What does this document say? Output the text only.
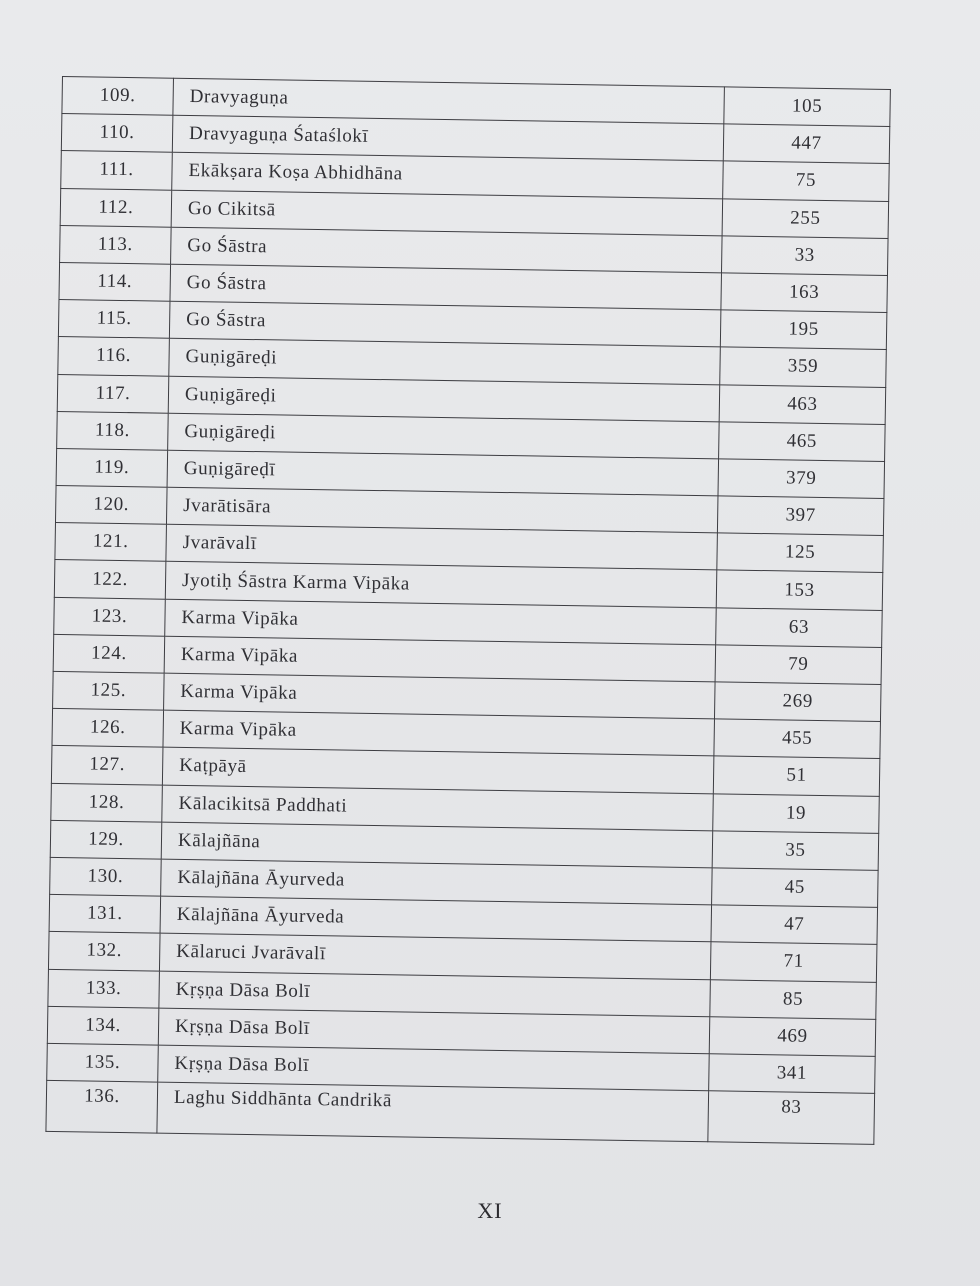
109.	Dravyaguṇa	105
110.	Dravyaguṇa Śataślokī	447
111.	Ekākṣara Koṣa Abhidhāna	75
112.	Go Cikitsā	255
113.	Go Śāstra	33
114.	Go Śāstra	163
115.	Go Śāstra	195
116.	Guṇigāreḍi	359
117.	Guṇigāreḍi	463
118.	Guṇigāreḍi	465
119.	Guṇigāreḍī	379
120.	Jvarātisāra	397
121.	Jvarāvalī	125
122.	Jyotiḥ Śāstra Karma Vipāka	153
123.	Karma Vipāka	63
124.	Karma Vipāka	79
125.	Karma Vipāka	269
126.	Karma Vipāka	455
127.	Kaṭpāyā	51
128.	Kālacikitsā Paddhati	19
129.	Kālajñāna	35
130.	Kālajñāna Āyurveda	45
131.	Kālajñāna Āyurveda	47
132.	Kālaruci Jvarāvalī	71
133.	Kṛṣṇa Dāsa Bolī	85
134.	Kṛṣṇa Dāsa Bolī	469
135.	Kṛṣṇa Dāsa Bolī	341
136.	Laghu Siddhānta Candrikā	83
XI
